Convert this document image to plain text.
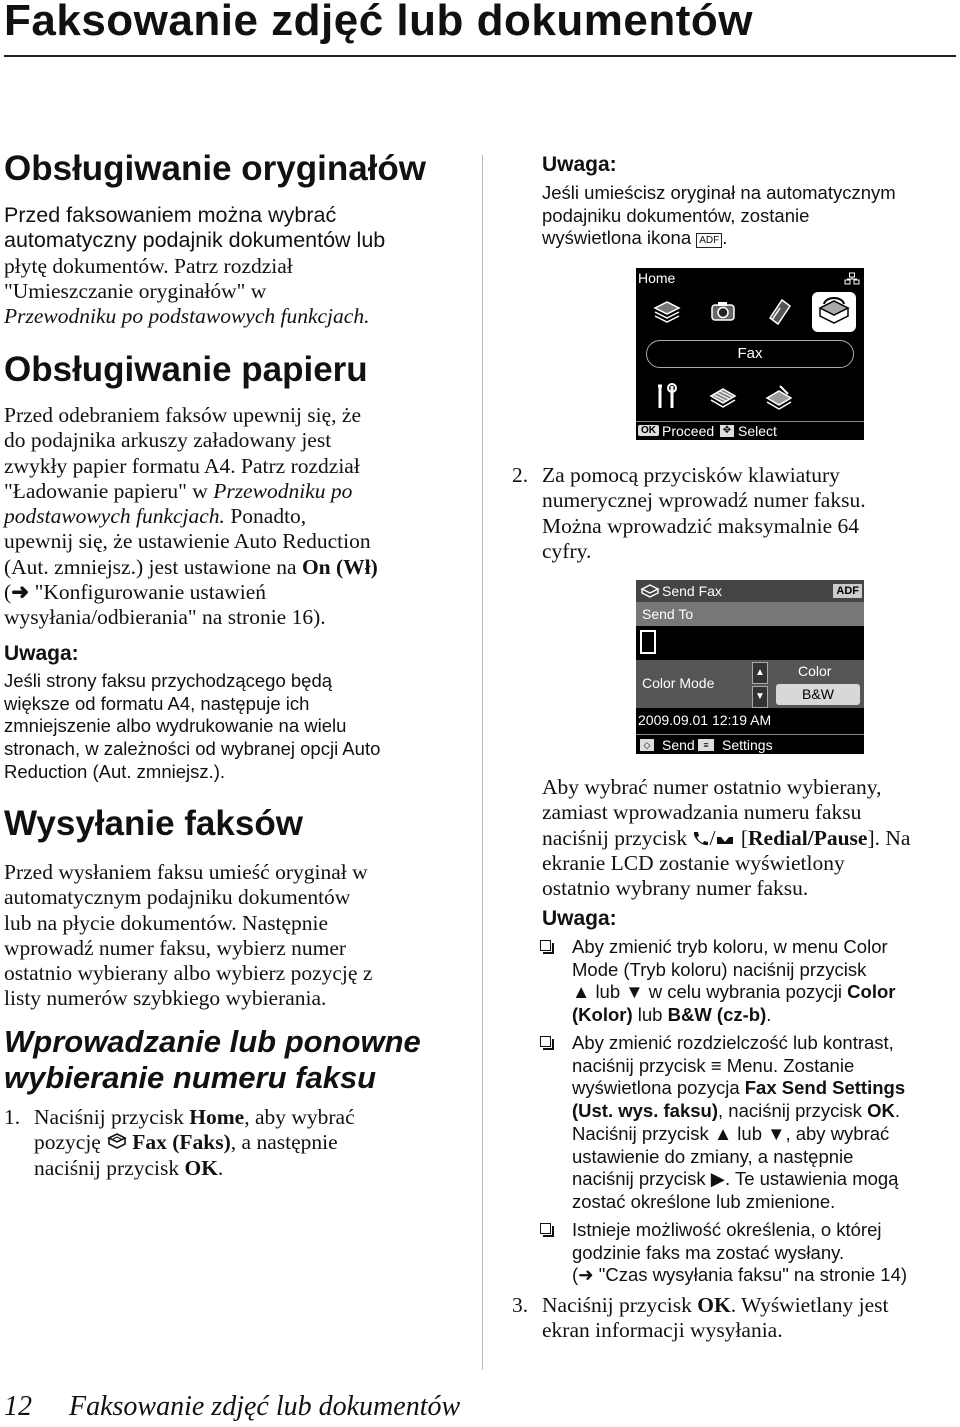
Faksowanie zdjęć lub dokumentów
Obsługiwanie oryginałów
Przed faksowaniem można wybrać
automatyczny podajnik dokumentów lub
płytę dokumentów. Patrz rozdział
"Umieszczanie oryginałów" w
Przewodniku po podstawowych funkcjach.
Obsługiwanie papieru
Przed odebraniem faksów upewnij się, że
do podajnika arkuszy załadowany jest
zwykły papier formatu A4. Patrz rozdział
"Ładowanie papieru" w Przewodniku po
podstawowych funkcjach. Ponadto,
upewnij się, że ustawienie Auto Reduction
(Aut. zmniejsz.) jest ustawione na On (Wł)
(➜ "Konfigurowanie ustawień
wysyłania/odbierania" na stronie 16).
Uwaga:
Jeśli strony faksu przychodzącego będą
większe od formatu A4, następuje ich
zmniejszenie albo wydrukowanie na wielu
stronach, w zależności od wybranej opcji Auto
Reduction (Aut. zmniejsz.).
Wysyłanie faksów
Przed wysłaniem faksu umieść oryginał w
automatycznym podajniku dokumentów
lub na płycie dokumentów. Następnie
wprowadź numer faksu, wybierz numer
ostatnio wybierany albo wybierz pozycję z
listy numerów szybkiego wybierania.
Wprowadzanie lub ponowne
wybieranie numeru faksu
1. Naciśnij przycisk Home, aby wybrać
pozycję Fax (Faks), a następnie
naciśnij przycisk OK.
Uwaga:
Jeśli umieścisz oryginał na automatycznym
podajniku dokumentów, zostanie
wyświetlona ikona ADF .
Home
Fax
OK Proceed ✥ Select
2. Za pomocą przycisków klawiatury
numerycznej wprowadź numer faksu.
Można wprowadzić maksymalnie 64
cyfry.
Send Fax	ADF
Send To
Color Mode
▲
▼
Color
B&W
2009.09.01 12:19 AM
◇ Send ≡ Settings
Aby wybrać numer ostatnio wybierany,
zamiast wprowadzania numeru faksu
naciśnij przycisk / [Redial/Pause]. Na
ekranie LCD zostanie wyświetlony
ostatnio wybrany numer faksu.
Uwaga:
Aby zmienić tryb koloru, w menu Color
Mode (Tryb koloru) naciśnij przycisk
▲ lub ▼ w celu wybrania pozycji Color
(Kolor) lub B&W (cz-b).
Aby zmienić rozdzielczość lub kontrast,
naciśnij przycisk ≡ Menu. Zostanie
wyświetlona pozycja Fax Send Settings
(Ust. wys. faksu), naciśnij przycisk OK.
Naciśnij przycisk ▲ lub ▼, aby wybrać
ustawienie do zmiany, a następnie
naciśnij przycisk ▶. Te ustawienia mogą
zostać określone lub zmienione.
Istnieje możliwość określenia, o której
godzinie faks ma zostać wysłany.
(➜ "Czas wysyłania faksu" na stronie 14)
3. Naciśnij przycisk OK. Wyświetlany jest
ekran informacji wysyłania.
12 Faksowanie zdjęć lub dokumentów
